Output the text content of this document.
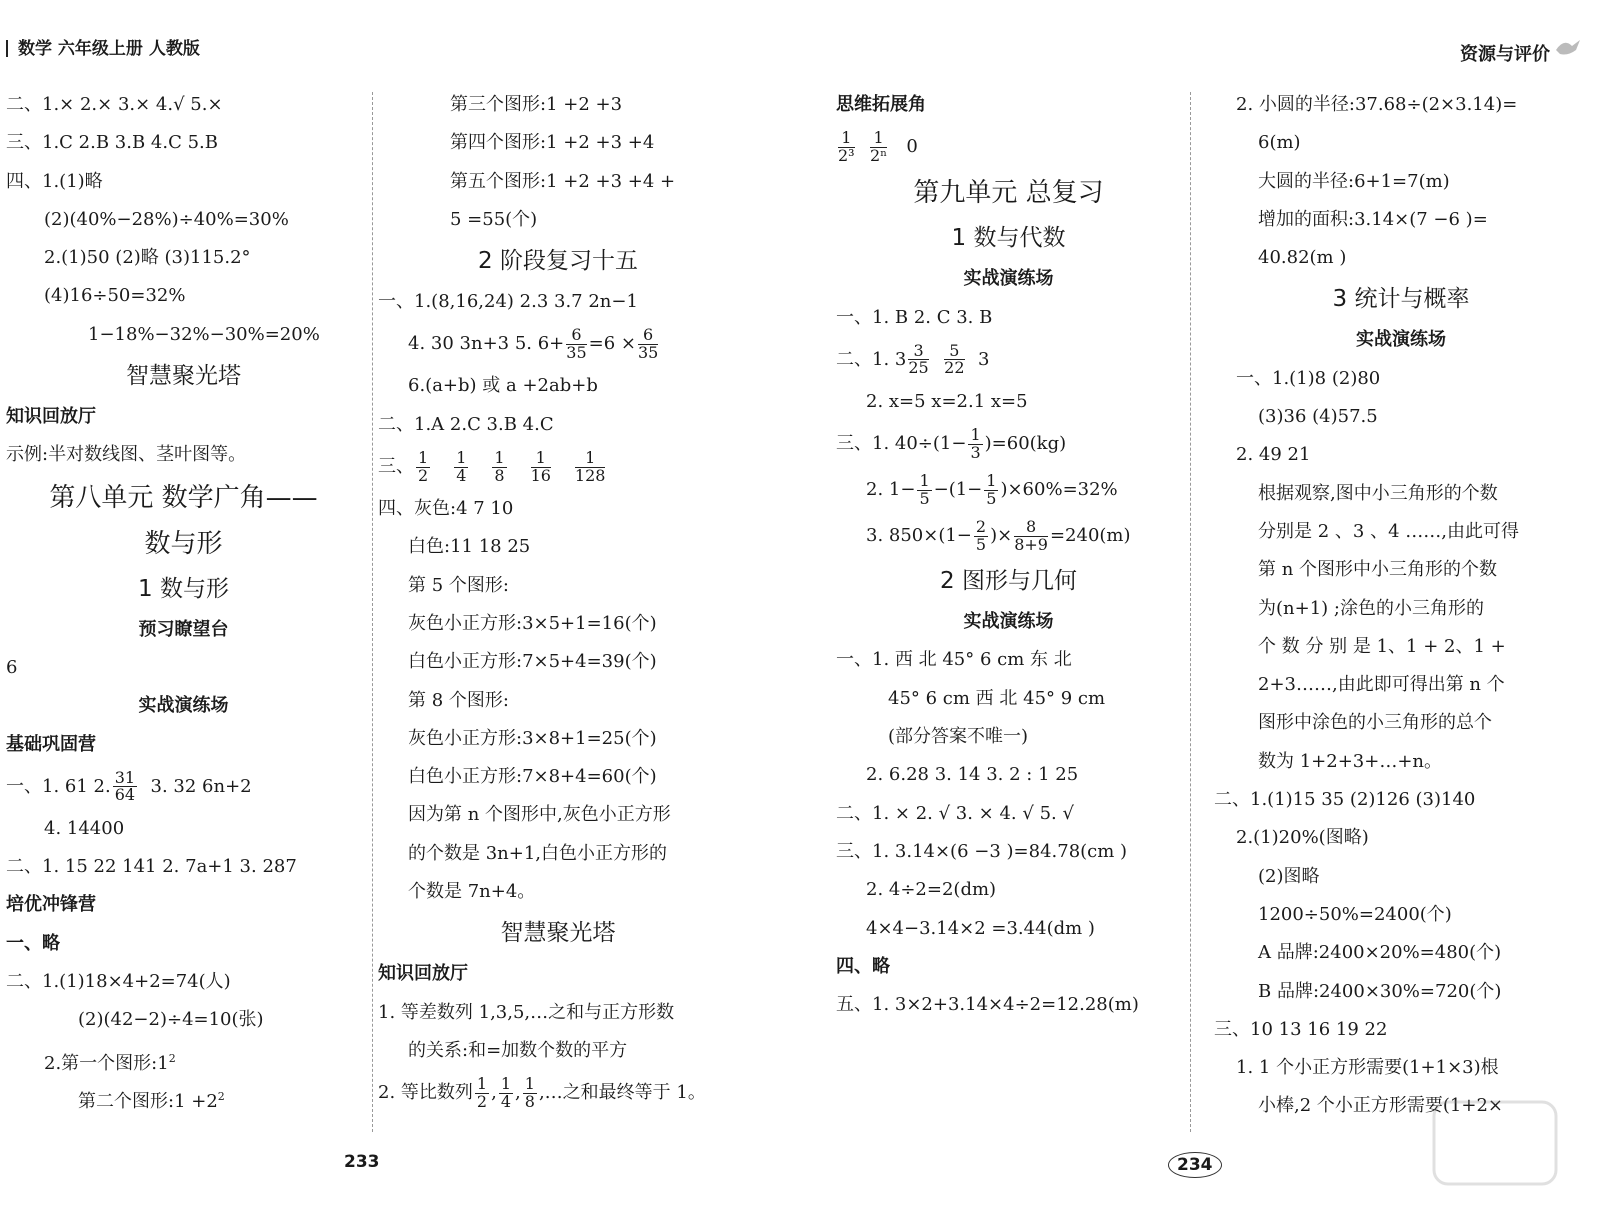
数学 六年级上册 人教版	资源与评价
二、1.× 2.× 3.× 4.√ 5.×
三、1.C 2.B 3.B 4.C 5.B
四、1.(1)略
(2)(40%−28%)÷40%=30%
2.(1)50 (2)略 (3)115.2°
(4)16÷50=32%
1−18%−32%−30%=20%
智慧聚光塔
知识回放厅
示例:半对数线图、茎叶图等。
第八单元 数学广角——
数与形
1 数与形
预习瞭望台
6
实战演练场
基础巩固营
一、1. 61 2. $\frac{31}{64} 3$. 32 6n+2
4. 14400
二、1. 15 22 141 2. 7a+1 3. 287
培优冲锋营
一、略
二、1.(1)18×4+2=74(人)
(2)(42−2)÷4=10(张)
2.第一个图形$:1^2$
第二个图形:1 $+2^2$
第三个图形:1 +2 +3
第四个图形:1 +2 +3 +4
第五个图形:1 +2 +3 +4 +
5 =55(个)
2 阶段复习十五
一、1.(8,16,24) 2.3 3.7 2n−1
4. 30 3n+3 5. $6+ \frac{6}{35} =6 \times \frac{6}{35}$
6.(a+b) 或 a +2ab+b
二、1.A 2.C 3.B 4.C
三、 $\frac{1}{2} \frac{1}{4} \frac{1}{8} \frac{1}{16} \frac{1}{128}$
四、灰色:4 7 10
白色:11 18 25
第 5 个图形:
灰色小正方形:3×5+1=16(个)
白色小正方形:7×5+4=39(个)
第 8 个图形:
灰色小正方形:3×8+1=25(个)
白色小正方形:7×8+4=60(个)
因为第 n 个图形中,灰色小正方形
的个数是 3n+1,白色小正方形的
个数是 7n+4。
智慧聚光塔
知识回放厅
1. 等差数列 1,3,5,…之和与正方形数
的关系:和=加数个数的平方
2. 等比数列 $\frac{1}{2}$ , $\frac{1}{4}$ , $\frac{1}{8}$ ,…之和最终等于 1。
思维拓展角
$\frac{1}{\text{2³}}$
$\frac{1}{\text{2ⁿ}} 0$
第九单元 总复习
1 数与代数
实战演练场
一、1. B 2. C 3. B
二、1. $3 \frac{3}{25}$
$\frac{5}{22} 3$
2. x=5 x=2.1 x=5
三、1. $40\div(1- \frac{1}{3} )=60(kg)$
2. $1- \frac{1}{5} -(1- \frac{1}{5} )\times 60\%=32\%$
3. $850\times(1- \frac{2}{5}$ )× $\frac{8}{8+9} =240(m)$
2 图形与几何
实战演练场
一、1. 西 北 45° 6 cm 东 北
45° 6 cm 西 北 45° 9 cm
(部分答案不唯一)
2. 6.28 3. 14 3. 2 : 1 25
二、1. × 2. √ 3. × 4. √ 5. √
三、1. 3.14×(6 −3 )=84.78(cm )
2. 4÷2=2(dm)
4×4−3.14×2 =3.44(dm )
四、略
五、1. 3×2+3.14×4÷2=12.28(m)
2. 小圆的半径:37.68÷(2×3.14)=
6(m)
大圆的半径:6+1=7(m)
增加的面积:3.14×(7 −6 )=
40.82(m )
3 统计与概率
实战演练场
一、1.(1)8 (2)80
(3)36 (4)57.5
2. 49 21
根据观察,图中小三角形的个数
分别是 2 、3 、4 ……,由此可得
第 n 个图形中小三角形的个数
为(n+1) ;涂色的小三角形的
个 数 分 别 是 1、1 + 2、1 +
2+3……,由此即可得出第 n 个
图形中涂色的小三角形的总个
数为 1+2+3+…+n。
二、1.(1)15 35 (2)126 (3)140
2.(1)20%(图略)
(2)图略
1200÷50%=2400(个)
A 品牌:2400×20%=480(个)
B 品牌:2400×30%=720(个)
三、10 13 16 19 22
1. 1 个小正方形需要(1+1×3)根
小棒,2 个小正方形需要(1+2×
233	234
